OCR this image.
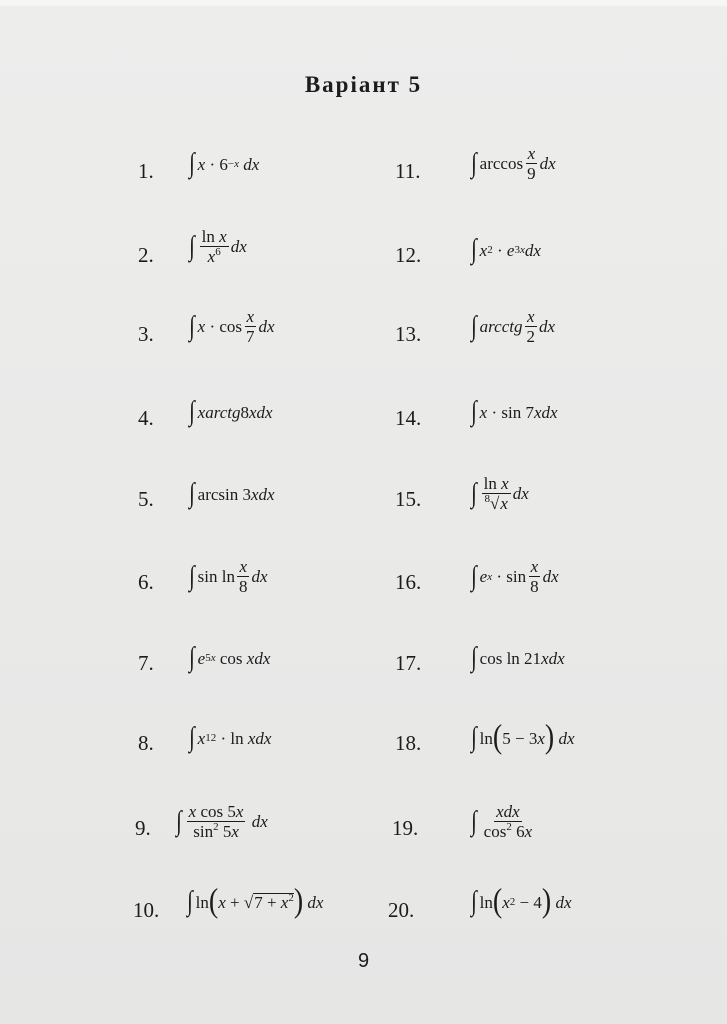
Варіант 5
1. ∫ x · 6 −x
dx
2. ∫ $\frac{\text{ln x}}{x^6}$ dx
3. ∫ $x \cdot \cos \frac{x}{7}$ dx
4. ∫ xarctg 8 xdx
5. ∫ arcsin 3 xdx
6. ∫ $\sin \ln \frac{x}{8}$ dx
7. ∫ e 5x cos xdx
8. ∫ x 12 · ln xdx
9. ∫ $\frac{\text{x cos 5x}}{\sin^2 5x}$
dx
10. ∫ ln ( x + √ $7 + x^2$ )
dx
11. ∫ $\arccos \frac{x}{9}$ dx
12. ∫ x 2 · e 3x dx
13. ∫ arcctg $\frac{x}{2}$ dx
14. ∫ x · sin 7 xdx
15. ∫ $\frac{\text{ln x}}{^8√x}$ dx
16. ∫ e $x \cdot \sin \frac{x}{8}$ dx
17. ∫ cos ln 21 xdx
18. ∫ ln ( 5 − 3 x )
dx
19. ∫ $\frac{\text{xdx}}{\cos^2 6x}$
20. ∫ ln ( x 2 − 4 )
dx
9
